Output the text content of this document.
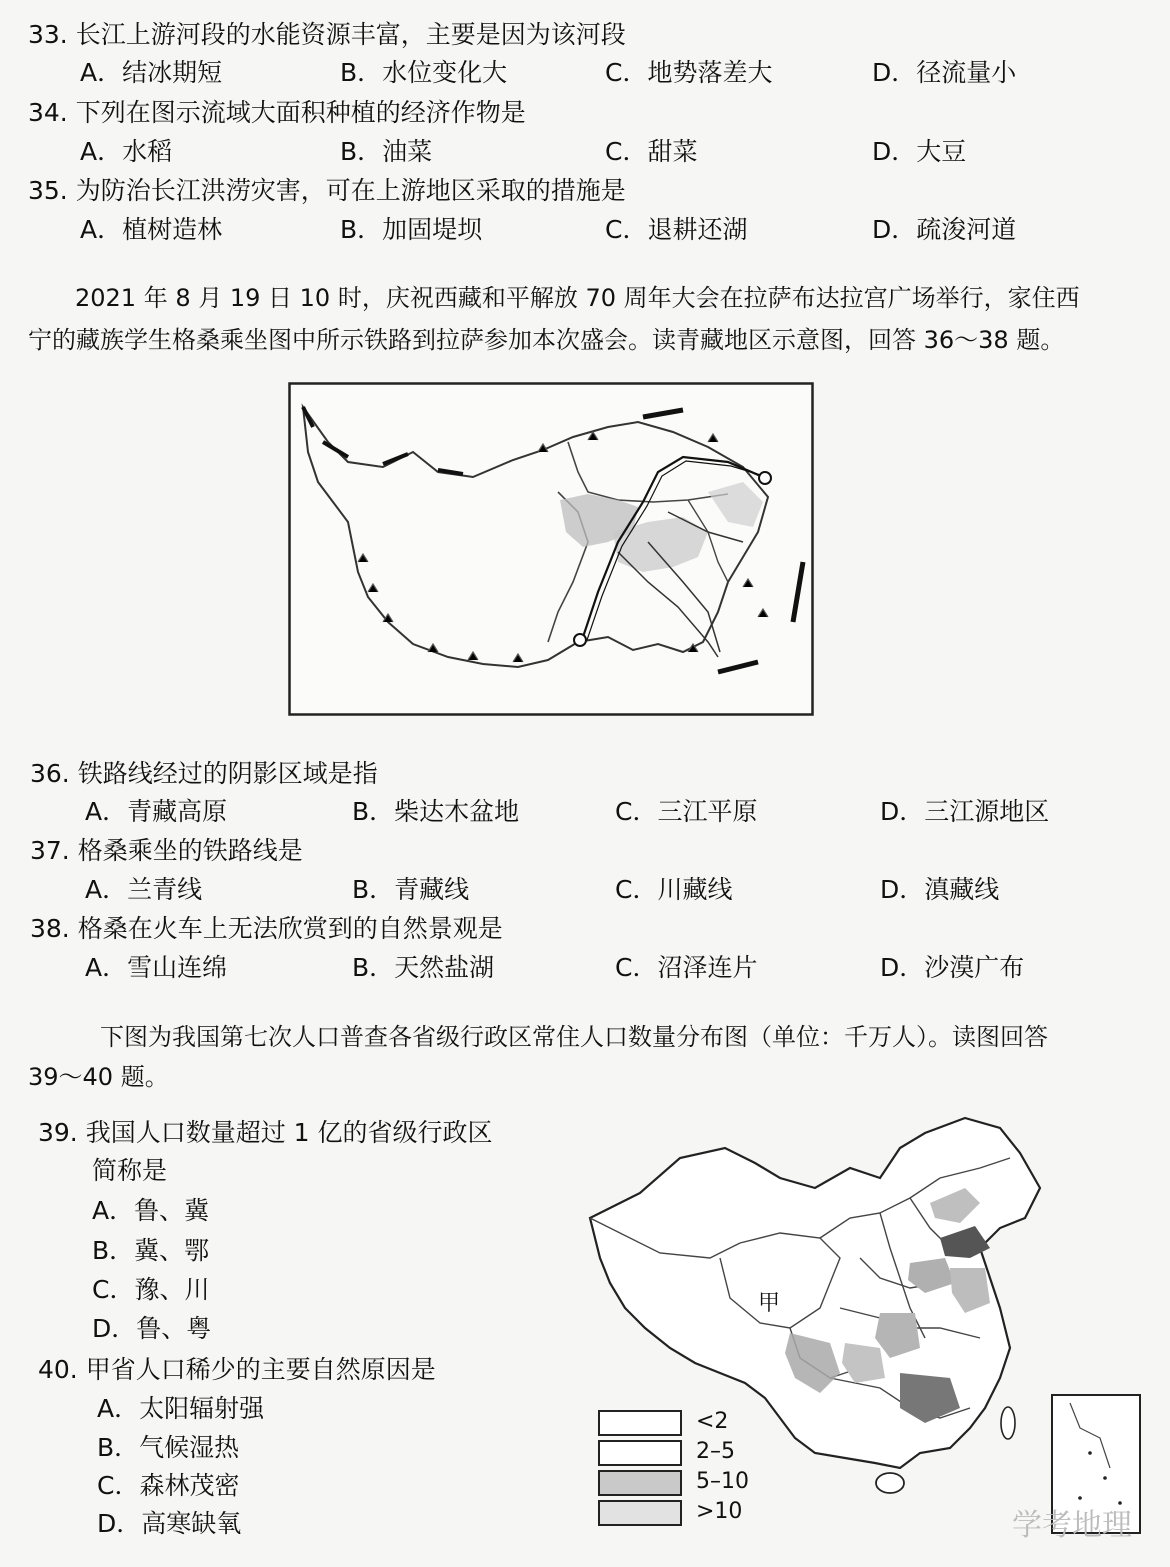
33. 长江上游河段的水能资源丰富，主要是因为该河段
A．结冰期短	B．水位变化大	C．地势落差大	D．径流量小
34. 下列在图示流域大面积种植的经济作物是
A．水稻	B．油菜	C．甜菜	D．大豆
35. 为防治长江洪涝灾害，可在上游地区采取的措施是
A．植树造林	B．加固堤坝	C．退耕还湖	D．疏浚河道
2021 年 8 月 19 日 10 时，庆祝西藏和平解放 70 周年大会在拉萨布达拉宫广场举行，家住西
宁的藏族学生格桑乘坐图中所示铁路到拉萨参加本次盛会。读青藏地区示意图，回答 36～38 题。
36. 铁路线经过的阴影区域是指
A．青藏高原	B．柴达木盆地	C．三江平原	D．三江源地区
37. 格桑乘坐的铁路线是
A．兰青线	B．青藏线	C．川藏线	D．滇藏线
38. 格桑在火车上无法欣赏到的自然景观是
A．雪山连绵	B．天然盐湖	C．沼泽连片	D．沙漠广布
下图为我国第七次人口普查各省级行政区常住人口数量分布图（单位：千万人）。读图回答
39～40 题。
39. 我国人口数量超过 1 亿的省级行政区
简称是
A．鲁、冀
B．冀、鄂
C．豫、川
D．鲁、粤
40. 甲省人口稀少的主要自然原因是
A．太阳辐射强
B．气候湿热
C．森林茂密
D．高寒缺氧
甲
<2
2–5
5–10
>10	学考地理
